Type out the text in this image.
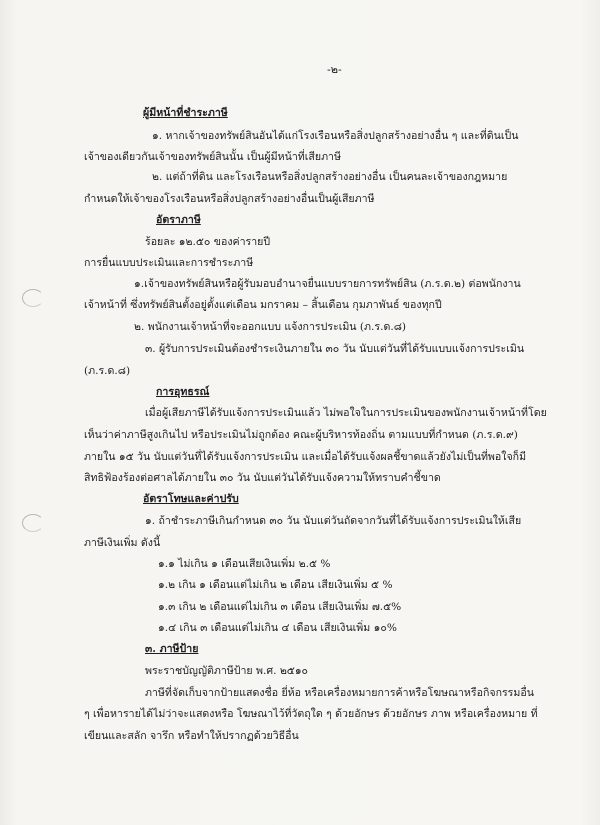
-๒-
ผู้มีหน้าที่ชำระภาษี
๑. หากเจ้าของทรัพย์สินอันได้แก่โรงเรือนหรือสิ่งปลูกสร้างอย่างอื่น ๆ และที่ดินเป็น
เจ้าของเดียวกันเจ้าของทรัพย์สินนั้น เป็นผู้มีหน้าที่เสียภาษี
๒. แต่ถ้าที่ดิน และโรงเรือนหรือสิ่งปลูกสร้างอย่างอื่น เป็นคนละเจ้าของกฎหมาย
กำหนดให้เจ้าของโรงเรือนหรือสิ่งปลูกสร้างอย่างอื่นเป็นผู้เสียภาษี
อัตราภาษี
ร้อยละ ๑๒.๕๐ ของค่ารายปี
การยื่นแบบประเมินและการชำระภาษี
๑.เจ้าของทรัพย์สินหรือผู้รับมอบอำนาจยื่นแบบรายการทรัพย์สิน (ภ.ร.ด.๒) ต่อพนักงาน
เจ้าหน้าที่ ซึ่งทรัพย์สินตั้งอยู่ตั้งแต่เดือน มกราคม – สิ้นเดือน กุมภาพันธ์ ของทุกปี
๒. พนักงานเจ้าหน้าที่จะออกแบบ แจ้งการประเมิน (ภ.ร.ด.๘)
๓. ผู้รับการประเมินต้องชำระเงินภายใน ๓๐ วัน นับแต่วันที่ได้รับแบบแจ้งการประเมิน
(ภ.ร.ด.๘)
การอุทธรณ์
เมื่อผู้เสียภาษีได้รับแจ้งการประเมินแล้ว ไม่พอใจในการประเมินของพนักงานเจ้าหน้าที่โดย
เห็นว่าค่าภาษีสูงเกินไป หรือประเมินไม่ถูกต้อง คณะผู้บริหารท้องถิ่น ตามแบบที่กำหนด (ภ.ร.ด.๙)
ภายใน ๑๕ วัน นับแต่วันที่ได้รับแจ้งการประเมิน และเมื่อได้รับแจ้งผลชี้ขาดแล้วยังไม่เป็นที่พอใจก็มี
สิทธิฟ้องร้องต่อศาลได้ภายใน ๓๐ วัน นับแต่วันได้รับแจ้งความให้ทราบคำชี้ขาด
อัตราโทษและค่าปรับ
๑. ถ้าชำระภาษีเกินกำหนด ๓๐ วัน นับแต่วันถัดจากวันที่ได้รับแจ้งการประเมินให้เสีย
ภาษีเงินเพิ่ม ดังนี้
๑.๑ ไม่เกิน ๑ เดือนเสียเงินเพิ่ม ๒.๕ %
๑.๒ เกิน ๑ เดือนแต่ไม่เกิน ๒ เดือน เสียเงินเพิ่ม ๕ %
๑.๓ เกิน ๒ เดือนแต่ไม่เกิน ๓ เดือน เสียเงินเพิ่ม ๗.๕%
๑.๔ เกิน ๓ เดือนแต่ไม่เกิน ๔ เดือน เสียเงินเพิ่ม ๑๐%
๓. ภาษีป้าย
พระราชบัญญัติภาษีป้าย พ.ศ. ๒๕๑๐
ภาษีที่จัดเก็บจากป้ายแสดงชื่อ ยี่ห้อ หรือเครื่องหมายการค้าหรือโฆษณาหรือกิจกรรมอื่น
ๆ เพื่อหารายได้ไม่ว่าจะแสดงหรือ โฆษณาไว้ที่วัตถุใด ๆ ด้วยอักษร ด้วยอักษร ภาพ หรือเครื่องหมาย ที่
เขียนและสลัก จารึก หรือทำให้ปรากฏด้วยวิธีอื่น
